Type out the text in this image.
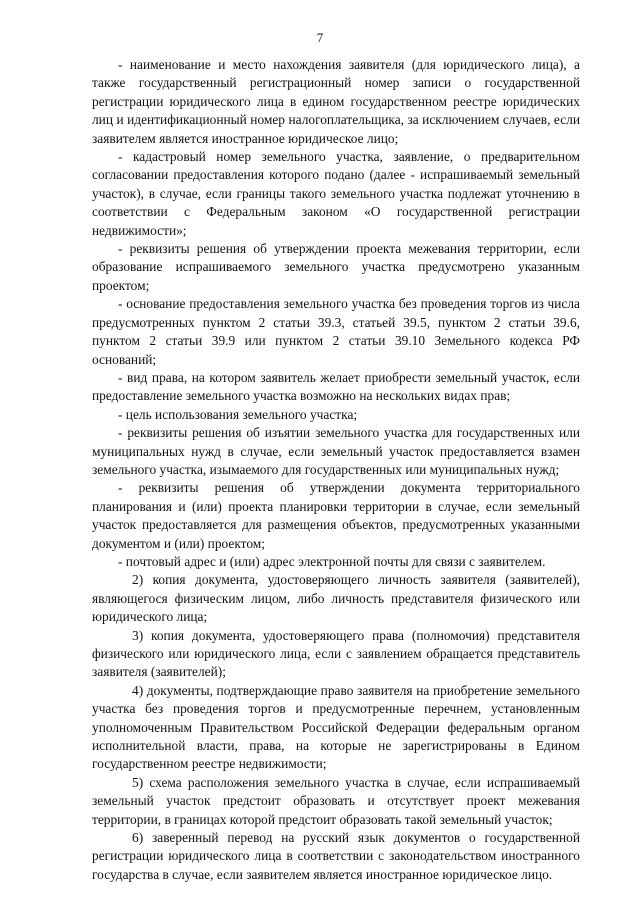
7

- наименование и место нахождения заявителя (для юридического лица), а также государственный регистрационный номер записи о государственной регистрации юридического лица в едином государственном реестре юридических лиц и идентификационный номер налогоплательщика, за исключением случаев, если заявителем является иностранное юридическое лицо;

- кадастровый номер земельного участка, заявление, о предварительном согласовании предоставления которого подано (далее - испрашиваемый земельный участок), в случае, если границы такого земельного участка подлежат уточнению в соответствии с Федеральным законом «О государственной регистрации недвижимости»;

- реквизиты решения об утверждении проекта межевания территории, если образование испрашиваемого земельного участка предусмотрено указанным проектом;

- основание предоставления земельного участка без проведения торгов из числа предусмотренных пунктом 2 статьи 39.3, статьей 39.5, пунктом 2 статьи 39.6, пунктом 2 статьи 39.9 или пунктом 2 статьи 39.10 Земельного кодекса РФ оснований;

- вид права, на котором заявитель желает приобрести земельный участок, если предоставление земельного участка возможно на нескольких видах прав;

- цель использования земельного участка;

- реквизиты решения об изъятии земельного участка для государственных или муниципальных нужд в случае, если земельный участок предоставляется взамен земельного участка, изымаемого для государственных или муниципальных нужд;

- реквизиты решения об утверждении документа территориального планирования и (или) проекта планировки территории в случае, если земельный участок предоставляется для размещения объектов, предусмотренных указанными документом и (или) проектом;

- почтовый адрес и (или) адрес электронной почты для связи с заявителем.

2) копия документа, удостоверяющего личность заявителя (заявителей), являющегося физическим лицом, либо личность представителя физического или юридического лица;

3) копия документа, удостоверяющего права (полномочия) представителя физического или юридического лица, если с заявлением обращается представитель заявителя (заявителей);

4) документы, подтверждающие право заявителя на приобретение земельного участка без проведения торгов и предусмотренные перечнем, установленным уполномоченным Правительством Российской Федерации федеральным органом исполнительной власти, права, на которые не зарегистрированы в Едином государственном реестре недвижимости;

5) схема расположения земельного участка в случае, если испрашиваемый земельный участок предстоит образовать и отсутствует проект межевания территории, в границах которой предстоит образовать такой земельный участок;

6) заверенный перевод на русский язык документов о государственной регистрации юридического лица в соответствии с законодательством иностранного государства в случае, если заявителем является иностранное юридическое лицо.
